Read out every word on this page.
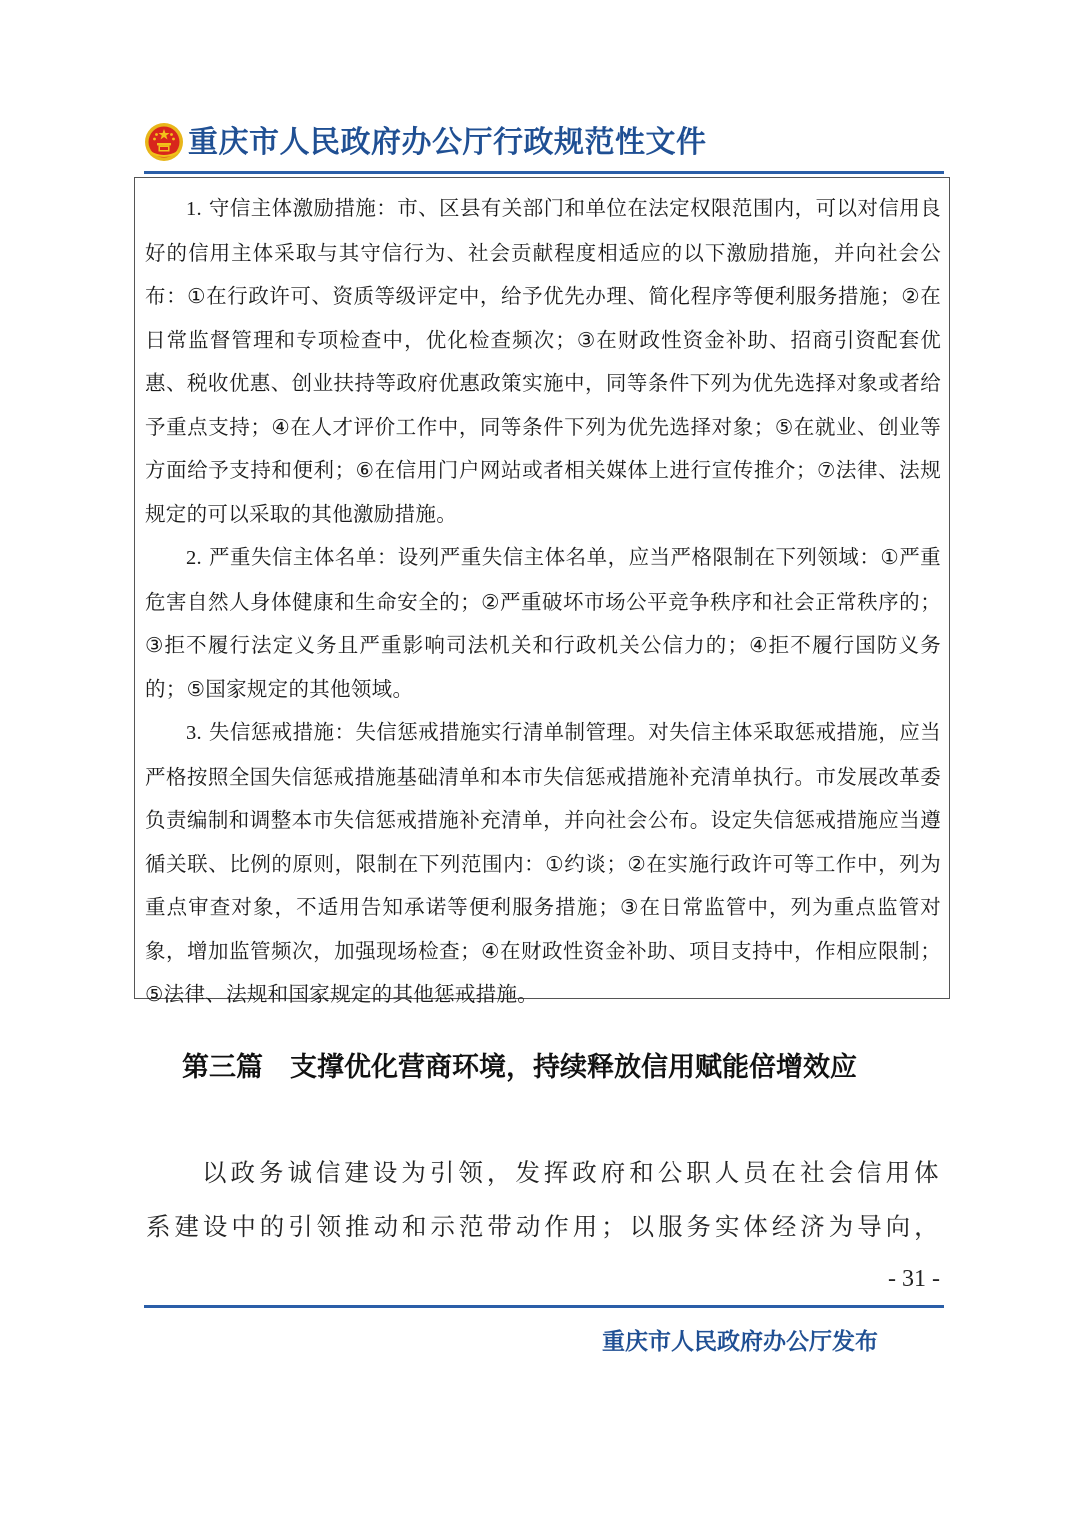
重庆市人民政府办公厅行政规范性文件

1. 守信主体激励措施：市、区县有关部门和单位在法定权限范围内，可以对信用良好的信用主体采取与其守信行为、社会贡献程度相适应的以下激励措施，并向社会公布：①在行政许可、资质等级评定中，给予优先办理、简化程序等便利服务措施；②在日常监督管理和专项检查中，优化检查频次；③在财政性资金补助、招商引资配套优惠、税收优惠、创业扶持等政府优惠政策实施中，同等条件下列为优先选择对象或者给予重点支持；④在人才评价工作中，同等条件下列为优先选择对象；⑤在就业、创业等方面给予支持和便利；⑥在信用门户网站或者相关媒体上进行宣传推介；⑦法律、法规规定的可以采取的其他激励措施。

2. 严重失信主体名单：设列严重失信主体名单，应当严格限制在下列领域：①严重危害自然人身体健康和生命安全的；②严重破坏市场公平竞争秩序和社会正常秩序的；③拒不履行法定义务且严重影响司法机关和行政机关公信力的；④拒不履行国防义务的；⑤国家规定的其他领域。

3. 失信惩戒措施：失信惩戒措施实行清单制管理。对失信主体采取惩戒措施，应当严格按照全国失信惩戒措施基础清单和本市失信惩戒措施补充清单执行。市发展改革委负责编制和调整本市失信惩戒措施补充清单，并向社会公布。设定失信惩戒措施应当遵循关联、比例的原则，限制在下列范围内：①约谈；②在实施行政许可等工作中，列为重点审查对象，不适用告知承诺等便利服务措施；③在日常监管中，列为重点监管对象，增加监管频次，加强现场检查；④在财政性资金补助、项目支持中，作相应限制；⑤法律、法规和国家规定的其他惩戒措施。

第三篇　支撑优化营商环境，持续释放信用赋能倍增效应

以政务诚信建设为引领，发挥政府和公职人员在社会信用体系建设中的引领推动和示范带动作用；以服务实体经济为导向，

- 31 -
重庆市人民政府办公厅发布
